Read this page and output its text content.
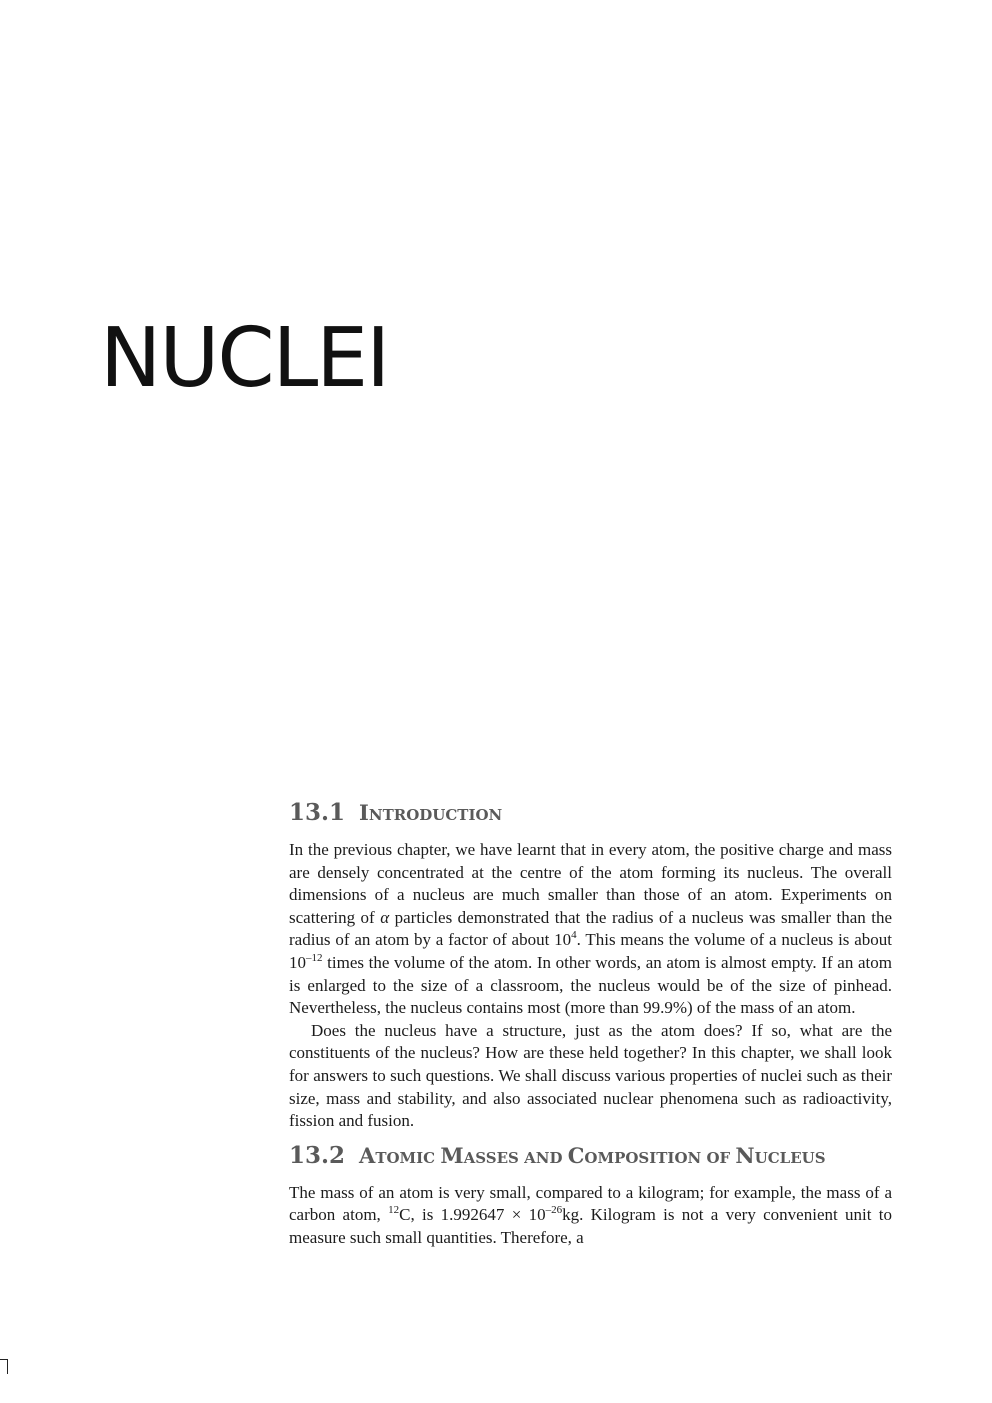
NUCLEI
13.1 INTRODUCTION

In the previous chapter, we have learnt that in every atom, the positive charge and mass are densely concentrated at the centre of the atom forming its nucleus. The overall dimensions of a nucleus are much smaller than those of an atom. Experiments on scattering of α particles demonstrated that the radius of a nucleus was smaller than the radius of an atom by a factor of about $10^4$. This means the volume of a nucleus is about $10^{-12}$ times the volume of the atom. In other words, an atom is almost empty. If an atom is enlarged to the size of a classroom, the nucleus would be of the size of pinhead. Nevertheless, the nucleus contains most (more than 99.9%) of the mass of an atom.

Does the nucleus have a structure, just as the atom does? If so, what are the constituents of the nucleus? How are these held together? In this chapter, we shall look for answers to such questions. We shall discuss various properties of nuclei such as their size, mass and stability, and also associated nuclear phenomena such as radioactivity, fission and fusion.

13.2 ATOMIC MASSES AND COMPOSITION OF NUCLEUS

The mass of an atom is very small, compared to a kilogram; for example, the mass of a carbon atom, $^{12}$C, is $1.992647 \times 10^{-26}kg$. Kilogram is not a very convenient unit to measure such small quantities. Therefore, a
